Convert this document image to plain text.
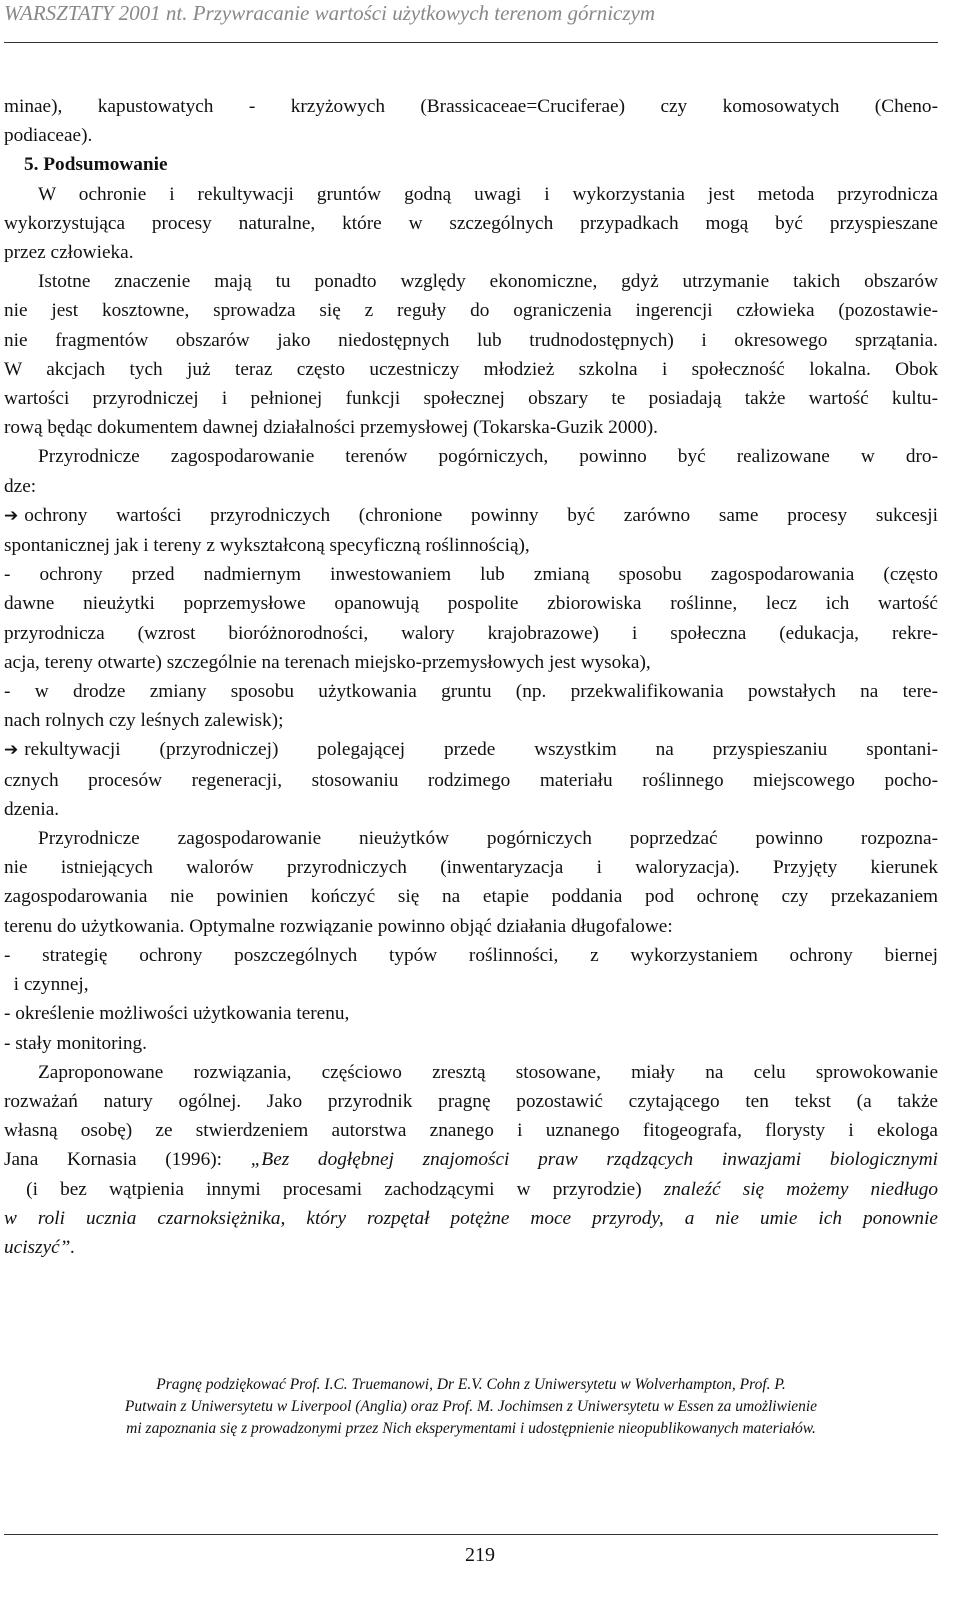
WARSZTATY 2001 nt. Przywracanie wartości użytkowych terenom górniczym

minae), kapustowatych - krzyżowych (Brassicaceae=Cruciferae) czy komosowatych (Cheno-
podiaceae).

5. Podsumowanie

W ochronie i rekultywacji gruntów godną uwagi i wykorzystania jest metoda przyrodnicza
wykorzystująca procesy naturalne, które w szczególnych przypadkach mogą być przyspieszane
przez człowieka.

Istotne znaczenie mają tu ponadto względy ekonomiczne, gdyż utrzymanie takich obszarów
nie jest kosztowne, sprowadza się z reguły do ograniczenia ingerencji człowieka (pozostawie-
nie fragmentów obszarów jako niedostępnych lub trudnodostępnych) i okresowego sprzątania.
W akcjach tych już teraz często uczestniczy młodzież szkolna i społeczność lokalna. Obok
wartości przyrodniczej i pełnionej funkcji społecznej obszary te posiadają także wartość kultu-
rową będąc dokumentem dawnej działalności przemysłowej (Tokarska-Guzik 2000).

Przyrodnicze zagospodarowanie terenów pogórniczych, powinno być realizowane w dro-
dze:

➔ ochrony wartości przyrodniczych (chronione powinny być zarówno same procesy sukcesji
spontanicznej jak i tereny z wykształconą specyficzną roślinnością),

- ochrony przed nadmiernym inwestowaniem lub zmianą sposobu zagospodarowania (często
dawne nieużytki poprzemysłowe opanowują pospolite zbiorowiska roślinne, lecz ich wartość
przyrodnicza (wzrost bioróżnorodności, walory krajobrazowe) i społeczna (edukacja, rekre-
acja, tereny otwarte) szczególnie na terenach miejsko-przemysłowych jest wysoka),

- w drodze zmiany sposobu użytkowania gruntu (np. przekwalifikowania powstałych na tere-
nach rolnych czy leśnych zalewisk);

➔ rekultywacji (przyrodniczej) polegającej przede wszystkim na przyspieszaniu spontani-
cznych procesów regeneracji, stosowaniu rodzimego materiału roślinnego miejscowego pocho-
dzenia.

Przyrodnicze zagospodarowanie nieużytków pogórniczych poprzedzać powinno rozpozna-
nie istniejących walorów przyrodniczych (inwentaryzacja i waloryzacja). Przyjęty kierunek
zagospodarowania nie powinien kończyć się na etapie poddania pod ochronę czy przekazaniem
terenu do użytkowania. Optymalne rozwiązanie powinno objąć działania długofalowe:

- strategię ochrony poszczególnych typów roślinności, z wykorzystaniem ochrony biernej
i czynnej,
- określenie możliwości użytkowania terenu,
- stały monitoring.

Zaproponowane rozwiązania, częściowo zresztą stosowane, miały na celu sprowokowanie
rozważań natury ogólnej. Jako przyrodnik pragnę pozostawić czytającego ten tekst (a także
własną osobę) ze stwierdzeniem autorstwa znanego i uznanego fitogeografa, florysty i ekologa
Jana Kornasia (1996): „Bez dogłębnej znajomości praw rządzących inwazjami biologicznymi
(i bez wątpienia innymi procesami zachodzącymi w przyrodzie) znaleźć się możemy niedługo
w roli ucznia czarnoksiężnika, który rozpętał potężne moce przyrody, a nie umie ich ponownie
uciszyć”.

Pragnę podziękować Prof. I.C. Truemanowi, Dr E.V. Cohn z Uniwersytetu w Wolverhampton, Prof. P.
Putwain z Uniwersytetu w Liverpool (Anglia) oraz Prof. M. Jochimsen z Uniwersytetu w Essen za umożliwienie
mi zapoznania się z prowadzonymi przez Nich eksperymentami i udostępnienie nieopublikowanych materiałów.
219
